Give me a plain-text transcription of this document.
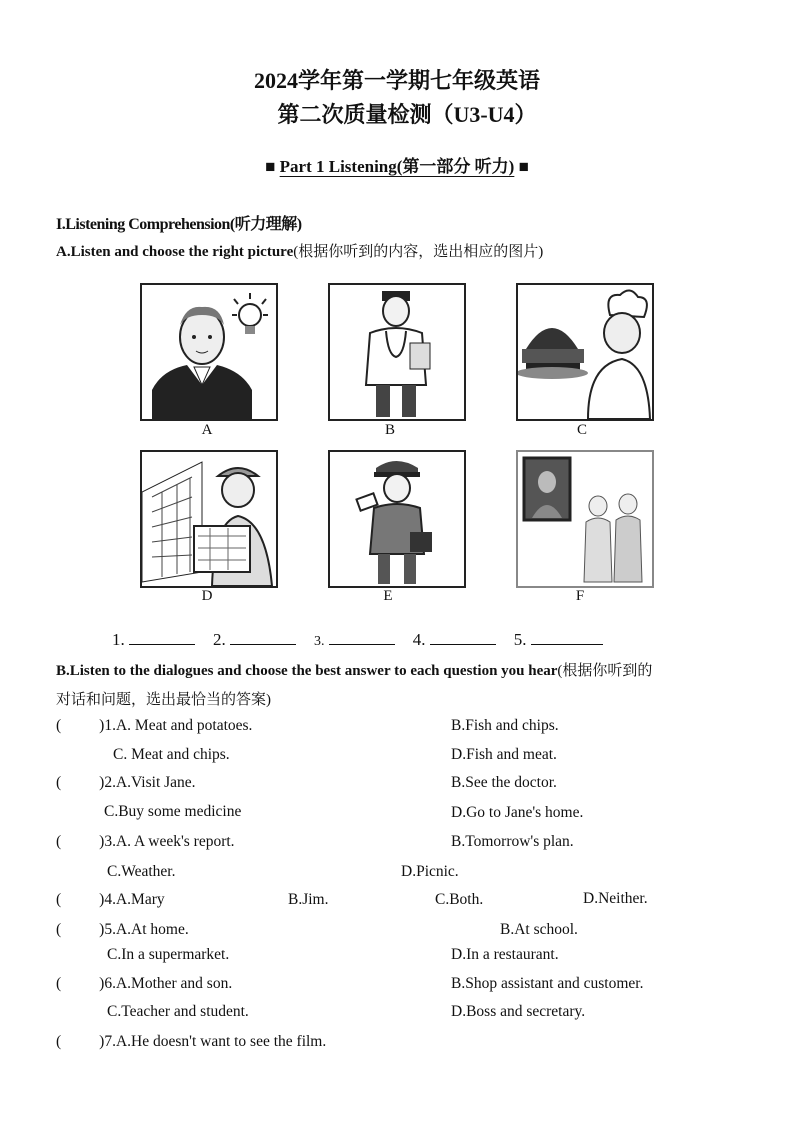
2024学年第一学期七年级英语
第二次质量检测（U3-U4）
■ Part 1 Listening(第一部分 听力) ■
I.Listening Comprehension(听力理解)
A.Listen and choose the right picture(根据你听到的内容，选出相应的图片)
A	B	C
D	E	F
1.	2.	3.	4.	5.
B.Listen to the dialogues and choose the best answer to each question you hear(根据你听到的
对话和问题，选出最恰当的答案)
( )1.A. Meat and potatoes.	B.Fish and chips.
C. Meat and chips.	D.Fish and meat.
( )2.A.Visit Jane.	B.See the doctor.
C.Buy some medicine	D.Go to Jane's home.
( )3.A. A week's report.	B.Tomorrow's plan.
C.Weather.	D.Picnic.
( )4.A.Mary	B.Jim.	C.Both.	D.Neither.
( )5.A.At home.	B.At school.
C.In a supermarket.	D.In a restaurant.
( )6.A.Mother and son.	B.Shop assistant and customer.
C.Teacher and student.	D.Boss and secretary.
( )7.A.He doesn't want to see the film.
